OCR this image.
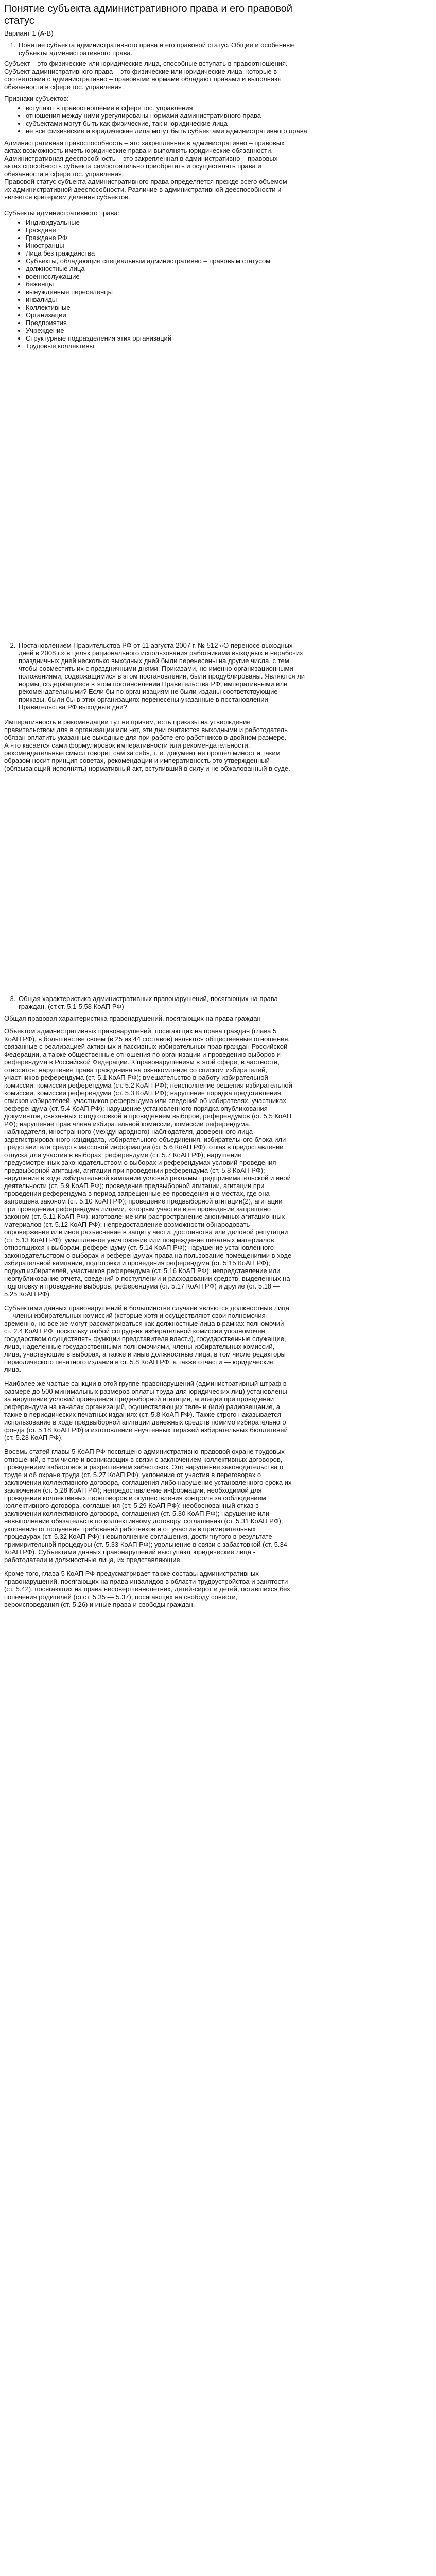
Понятие субъекта административного права и его правовой статус

Вариант 1 (А-В)

1. Понятие субъекта административного права и его правовой статус. Общие и особенные субъекты административного права.

Субъект – это физические или юридические лица, способные вступать в правоотношения.

Субъект административного права – это физические или юридические лица, которые в соответствии с административно – правовыми нормами обладают правами и выполняют обязанности в сфере гос. управления.

Признаки субъектов:

• вступают в правоотношения в сфере гос. управления
• отношения между ними урегулированы нормами административного права
• субъектами могут быть как физические, так и юридические лица
• не все физические и юридические лица могут быть субъектами административного права

Административная правоспособность – это закрепленная в административно – правовых актах возможность иметь юридические права и выполнять юридические обязанности.

Административная дееспособность – это закрепленная в административно – правовых актах способность субъекта самостоятельно приобретать и осуществлять права и обязанности в сфере гос. управления.

Правовой статус субъекта административного права определяется прежде всего объемом их административной дееспособности. Различие в административной дееспособности и является критерием деления субъектов.

Субъекты административного права:

• Индивидуальные
• Граждане
• Граждане РФ
• Иностранцы
• Лица без гражданства
• Субъекты, обладающие специальным административно – правовым статусом
• должностные лица
• военнослужащие
• беженцы
• вынужденные переселенцы
• инвалиды
• Коллективные
• Организации
• Предприятия
• Учреждение
• Структурные подразделения этих организаций
• Трудовые коллективы
2. Постановлением Правительства РФ от 11 августа 2007 г. № 512 «О переносе выходных дней в 2008 г.» в целях рационального использования работниками выходных и нерабочих праздничных дней несколько выходных дней были перенесены на другие числа, с тем чтобы совместить их с праздничными днями. Приказами, но именно организационными положениями, содержащимися в этом постановлении, были продублированы. Являются ли нормы, содержащиеся в этом постановлении Правительства РФ, императивными или рекомендательными? Если бы по организациям не были изданы соответствующие приказы, были бы в этих организациях перенесены указанные в постановлении Правительства РФ выходные дни?

Императивность и рекомендации тут не причем, есть приказы на утверждение правительством для в организации или нет, эти дни считаются выходными и работодатель обязан оплатить указанные выходные для при работе его работников в двойном размере. А что касается сами формулировок императивности или рекомендательности, рекомендательные смысл говорит сам за себя, т. е. документ не прошел миност и таким образом носит принцип советах, рекомендации и императивность это утвержденный (обязывающий исполнять) нормативный акт, вступивший в силу и не обжалованный в суде.

3. Общая характеристика административных правонарушений, посягающих на права граждан. (ст.ст. 5.1-5.58 КоАП РФ)

Общая правовая характеристика правонарушений, посягающих на права граждан

Объектом административных правонарушений, посягающих на права граждан (глава 5 КоАП РФ), в большинстве своем (в 25 из 44 составов) являются общественные отношения, связанные с реализацией активных и пассивных избирательных прав граждан Российской Федерации, а также общественные отношения по организации и проведению выборов и референдума в Российской Федерации. К правонарушениям в этой сфере, в частности, относятся: нарушение права гражданина на ознакомление со списком избирателей, участников референдума (ст. 5.1 КоАП РФ); вмешательство в работу избирательной комиссии, комиссии референдума (ст. 5.2 КоАП РФ); неисполнение решения избирательной комиссии, комиссии референдума (ст. 5.3 КоАП РФ); нарушение порядка представления списков избирателей, участников референдума или сведений об избирателях, участниках референдума (ст. 5.4 КоАП РФ); нарушение установленного порядка опубликования документов, связанных с подготовкой и проведением выборов, референдумов (ст. 5.5 КоАП РФ); нарушение прав члена избирательной комиссии, комиссии референдума, наблюдателя, иностранного (международного) наблюдателя, доверенного лица зарегистрированного кандидата, избирательного объединения, избирательного блока или представителя средств массовой информации (ст. 5.6 КоАП РФ); отказ в предоставлении отпуска для участия в выборах, референдуме (ст. 5.7 КоАП РФ); нарушение предусмотренных законодательством о выборах и референдумах условий проведения предвыборной агитации, агитации при проведении референдума (ст. 5.8 КоАП РФ); нарушение в ходе избирательной кампании условий рекламы предпринимательской и иной деятельности (ст. 5.9 КоАП РФ); проведение предвыборной агитации, агитации при проведении референдума в период запрещенные ее проведения и в местах, где она запрещена законом (ст. 5.10 КоАП РФ); проведение предвыборной агитации(2), агитации при проведении референдума лицами, которым участие в ее проведении запрещено законом (ст. 5.11 КоАП РФ); изготовление или распространение анонимных агитационных материалов (ст. 5.12 КоАП РФ); непредоставление возможности обнародовать опровержение или иное разъяснение в защиту чести, достоинства или деловой репутации (ст. 5.13 КоАП РФ); умышленное уничтожение или повреждение печатных материалов, относящихся к выборам, референдуму (ст. 5.14 КоАП РФ); нарушение установленного законодательством о выборах и референдумах права на пользование помещениями в ходе избирательной кампании, подготовки и проведения референдума (ст. 5.15 КоАП РФ); подкуп избирателей, участников референдума (ст. 5.16 КоАП РФ); непредставление или неопубликование отчета, сведений о поступлении и расходовании средств, выделенных на подготовку и проведение выборов, референдума (ст. 5.17 КоАП РФ) и другие (ст. 5.18 — 5.25 КоАП РФ).

Субъектами данных правонарушений в большинстве случаев являются должностные лица — члены избирательных комиссий (которые хотя и осуществляют свои полномочия временно, но все же могут рассматриваться как должностные лица в рамках полномочий ст. 2.4 КоАП РФ, поскольку любой сотрудник избирательной комиссии уполномочен государством осуществлять функции представителя власти), государственные служащие, лица, наделенные государственными полномочиями, члены избирательных комиссий, лица, участвующие в выборах, а также и иные должностные лица, в том числе редакторы периодического печатного издания в ст. 5.8 КоАП РФ, а также отчасти — юридические лица.

Наиболее же частые санкции в этой группе правонарушений (административный штраф в размере до 500 минимальных размеров оплаты труда для юридических лиц) установлены за нарушение условий проведения предвыборной агитации, агитации при проведении референдума на каналах организаций, осуществляющих теле- и (или) радиовещание, а также в периодических печатных изданиях (ст. 5.8 КоАП РФ). Также строго наказывается использование в ходе предвыборной агитации денежных средств помимо избирательного фонда (ст. 5.18 КоАП РФ) и изготовление неучтенных тиражей избирательных бюллетеней (ст. 5.23 КоАП РФ).

Восемь статей главы 5 КоАП РФ посвящено административно-правовой охране трудовых отношений, в том числе и возникающих в связи с заключением коллективных договоров, проведением забастовок и разрешением забастовок. Это нарушение законодательства о труде и об охране труда (ст. 5.27 КоАП РФ); уклонение от участия в переговорах о заключении коллективного договора, соглашения либо нарушение установленного срока их заключения (ст. 5.28 КоАП РФ); непредоставление информации, необходимой для проведения коллективных переговоров и осуществления контроля за соблюдением коллективного договора, соглашения (ст. 5.29 КоАП РФ); необоснованный отказ в заключении коллективного договора, соглашения (ст. 5.30 КоАП РФ); нарушение или невыполнение обязательств по коллективному договору, соглашению (ст. 5.31 КоАП РФ); уклонение от получения требований работников и от участия в примирительных процедурах (ст. 5.32 КоАП РФ); невыполнение соглашения, достигнутого в результате примирительной процедуры (ст. 5.33 КоАП РФ); увольнение в связи с забастовкой (ст. 5.34 КоАП РФ). Субъектами данных правонарушений выступают юридические лица - работодатели и должностные лица, их представляющие.

Кроме того, глава 5 КоАП РФ предусматривает также составы административных правонарушений, посягающих на права инвалидов в области трудоустройства и занятости (ст. 5.42), посягающих на права несовершеннолетних, детей-сирот и детей, оставшихся без попечения родителей (ст.ст. 5.35 — 5.37), посягающих на свободу совести, вероисповедания (ст. 5.26) и иные права и свободы граждан.
